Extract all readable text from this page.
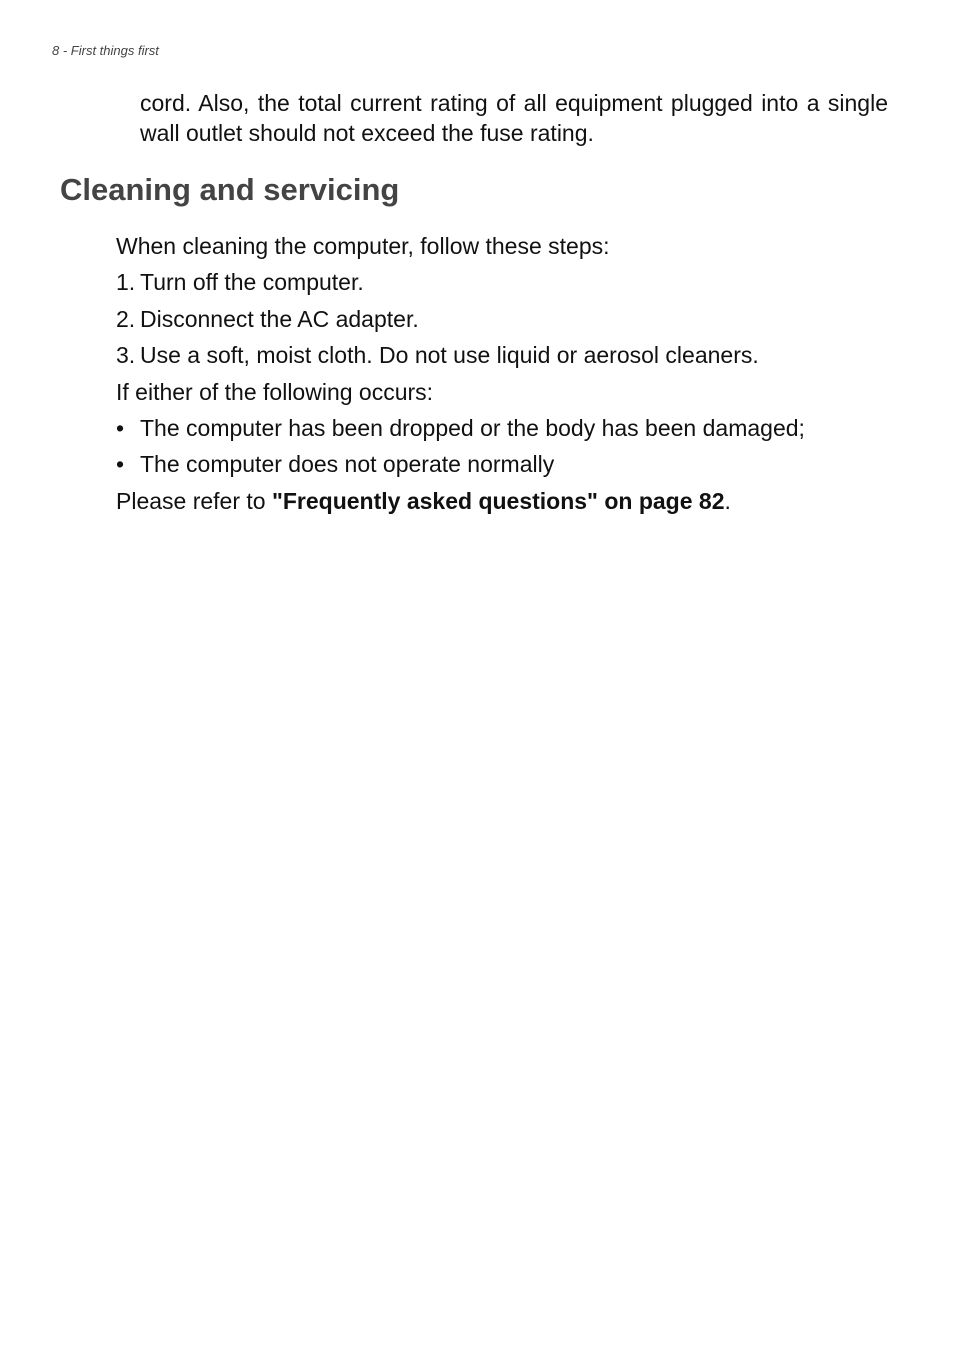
8 - First things first

cord. Also, the total current rating of all equipment plugged into a single wall outlet should not exceed the fuse rating.

Cleaning and servicing
When cleaning the computer, follow these steps:
1. Turn off the computer.
2. Disconnect the AC adapter.
3. Use a soft, moist cloth. Do not use liquid or aerosol cleaners.
If either of the following occurs:
• The computer has been dropped or the body has been damaged;
• The computer does not operate normally
Please refer to "Frequently asked questions" on page 82.
